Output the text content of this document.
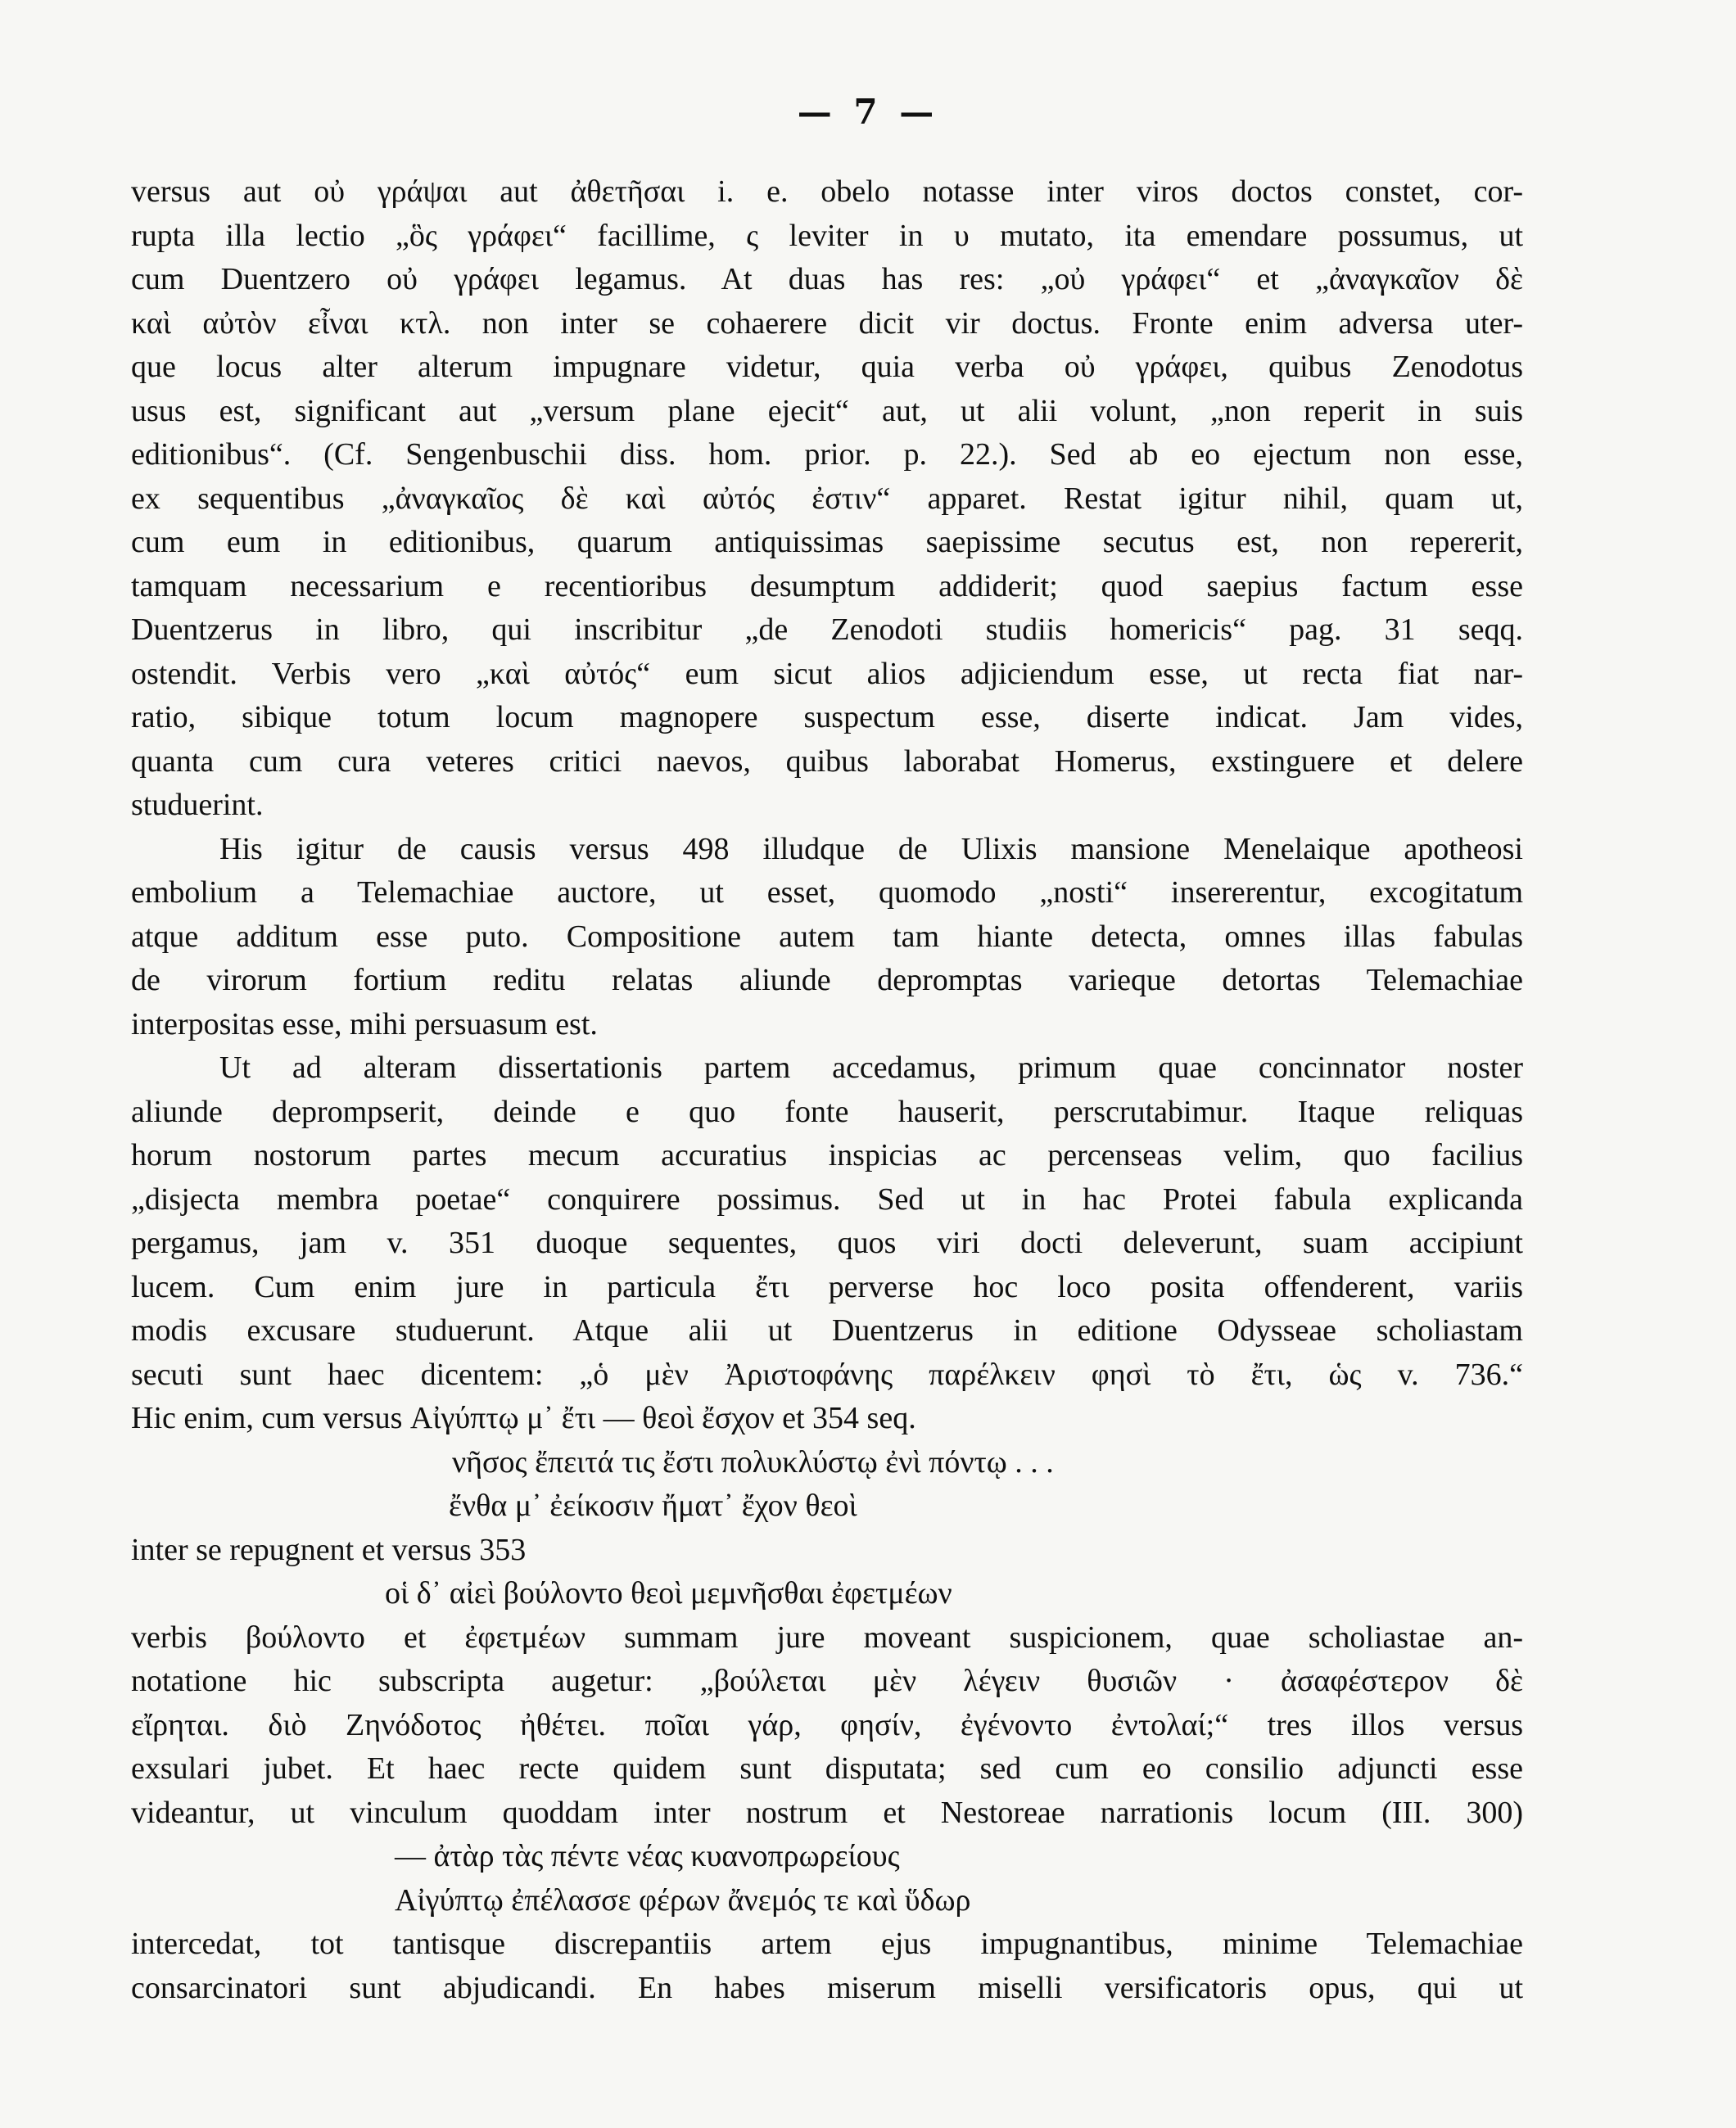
— 7 —
versus aut οὐ γράψαι aut ἀθετῆσαι i. e. obelo notasse inter viros doctos constet, cor-
rupta illa lectio „ὃς γράφει“ facillime, ς leviter in υ mutato, ita emendare possumus, ut
cum Duentzero οὐ γράφει legamus. At duas has res: „οὐ γράφει“ et „ἀναγκαῖον δὲ
καὶ αὐτὸν εἶναι κτλ. non inter se cohaerere dicit vir doctus. Fronte enim adversa uter-
que locus alter alterum impugnare videtur, quia verba οὐ γράφει, quibus Zenodotus
usus est, significant aut „versum plane ejecit“ aut, ut alii volunt, „non reperit in suis
editionibus“. (Cf. Sengenbuschii diss. hom. prior. p. 22.). Sed ab eo ejectum non esse,
ex sequentibus „ἀναγκαῖος δὲ καὶ αὐτός ἐστιν“ apparet. Restat igitur nihil, quam ut,
cum eum in editionibus, quarum antiquissimas saepissime secutus est, non repererit,
tamquam necessarium e recentioribus desumptum addiderit; quod saepius factum esse
Duentzerus in libro, qui inscribitur „de Zenodoti studiis homericis“ pag. 31 seqq.
ostendit. Verbis vero „καὶ αὐτός“ eum sicut alios adjiciendum esse, ut recta fiat nar-
ratio, sibique totum locum magnopere suspectum esse, diserte indicat. Jam vides,
quanta cum cura veteres critici naevos, quibus laborabat Homerus, exstinguere et delere
studuerint.
His igitur de causis versus 498 illudque de Ulixis mansione Menelaique apotheosi
embolium a Telemachiae auctore, ut esset, quomodo „nosti“ insererentur, excogitatum
atque additum esse puto. Compositione autem tam hiante detecta, omnes illas fabulas
de virorum fortium reditu relatas aliunde depromptas varieque detortas Telemachiae
interpositas esse, mihi persuasum est.
Ut ad alteram dissertationis partem accedamus, primum quae concinnator noster
aliunde deprompserit, deinde e quo fonte hauserit, perscrutabimur. Itaque reliquas
horum nostorum partes mecum accuratius inspicias ac percenseas velim, quo facilius
„disjecta membra poetae“ conquirere possimus. Sed ut in hac Protei fabula explicanda
pergamus, jam v. 351 duoque sequentes, quos viri docti deleverunt, suam accipiunt
lucem. Cum enim jure in particula ἔτι perverse hoc loco posita offenderent, variis
modis excusare studuerunt. Atque alii ut Duentzerus in editione Odysseae scholiastam
secuti sunt haec dicentem: „ὁ μὲν Ἀριστοφάνης παρέλκειν φησὶ τὸ ἔτι, ὡς v. 736.“
Hic enim, cum versus Αἰγύπτῳ μ᾽ ἔτι — θεοὶ ἔσχον et 354 seq.
νῆσος ἔπειτά τις ἔστι πολυκλύστῳ ἐνὶ πόντῳ . . .
ἔνθα μ᾽ ἐείκοσιν ἤματ᾽ ἔχον θεοὶ
inter se repugnent et versus 353
οἱ δ᾽ αἰεὶ βούλοντο θεοὶ μεμνῆσθαι ἐφετμέων
verbis βούλοντο et ἐφετμέων summam jure moveant suspicionem, quae scholiastae an-
notatione hic subscripta augetur: „βούλεται μὲν λέγειν θυσιῶν · ἀσαφέστερον δὲ
εἴρηται. διὸ Ζηνόδοτος ἠθέτει. ποῖαι γάρ, φησίν, ἐγένοντο ἐντολαί;“ tres illos versus
exsulari jubet. Et haec recte quidem sunt disputata; sed cum eo consilio adjuncti esse
videantur, ut vinculum quoddam inter nostrum et Nestoreae narrationis locum (III. 300)
— ἀτὰρ τὰς πέντε νέας κυανοπρωρείους
Αἰγύπτῳ ἐπέλασσε φέρων ἄνεμός τε καὶ ὕδωρ
intercedat, tot tantisque discrepantiis artem ejus impugnantibus, minime Telemachiae
consarcinatori sunt abjudicandi. En habes miserum miselli versificatoris opus, qui ut
